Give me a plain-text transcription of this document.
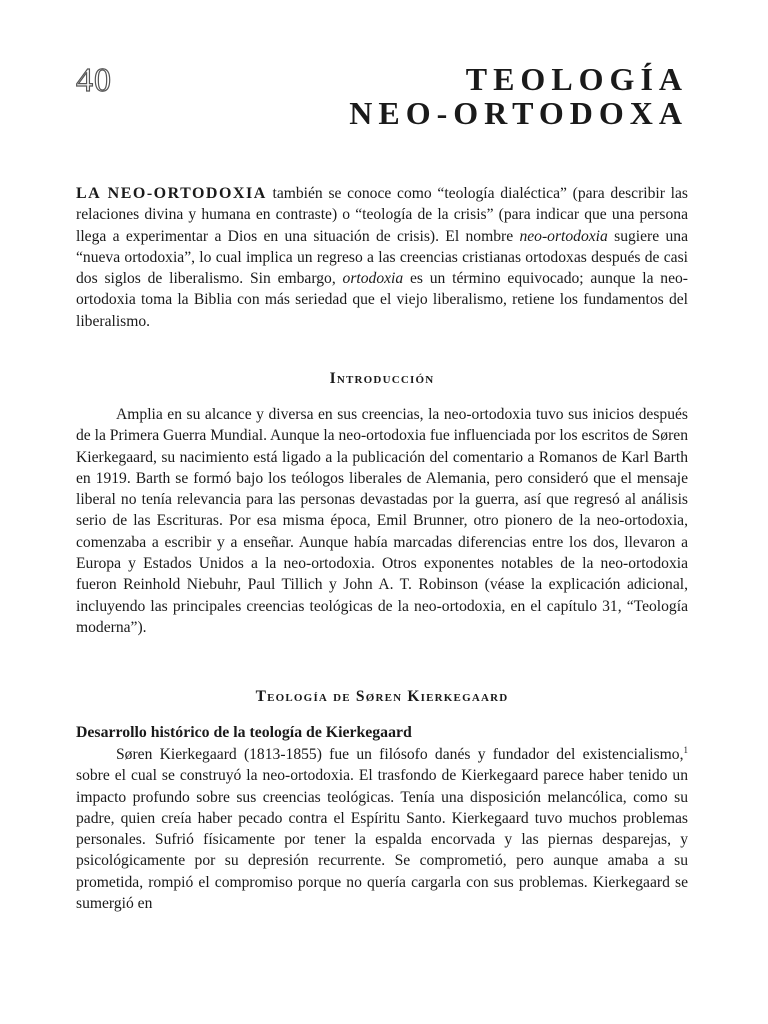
40	TEOLOGÍA
NEO-ORTODOXA

LA NEO-ORTODOXIA también se conoce como “teología dialéctica” (para describir las relaciones divina y humana en contraste) o “teología de la crisis” (para indicar que una persona llega a experimentar a Dios en una situación de crisis). El nombre neo-ortodoxia sugiere una “nueva ortodoxia”, lo cual implica un regreso a las creencias cristianas ortodoxas después de casi dos siglos de liberalismo. Sin embargo, ortodoxia es un término equivocado; aunque la neo-ortodoxia toma la Biblia con más seriedad que el viejo liberalismo, retiene los fundamentos del liberalismo.

Introducción

Amplia en su alcance y diversa en sus creencias, la neo-ortodoxia tuvo sus inicios después de la Primera Guerra Mundial. Aunque la neo-ortodoxia fue influenciada por los escritos de Søren Kierkegaard, su nacimiento está ligado a la publicación del comentario a Romanos de Karl Barth en 1919. Barth se formó bajo los teólogos liberales de Alemania, pero consideró que el mensaje liberal no tenía relevancia para las personas devastadas por la guerra, así que regresó al análisis serio de las Escrituras. Por esa misma época, Emil Brunner, otro pionero de la neo-ortodoxia, comenzaba a escribir y a enseñar. Aunque había marcadas diferencias entre los dos, llevaron a Europa y Estados Unidos a la neo-ortodoxia. Otros exponentes notables de la neo-ortodoxia fueron Reinhold Niebuhr, Paul Tillich y John A. T. Robinson (véase la explicación adicional, incluyendo las principales creencias teológicas de la neo-ortodoxia, en el capítulo 31, “Teología moderna”).

Teología de Søren Kierkegaard
Desarrollo histórico de la teología de Kierkegaard

Søren Kierkegaard (1813-1855) fue un filósofo danés y fundador del existencialismo,$^1$ sobre el cual se construyó la neo-ortodoxia. El trasfondo de Kierkegaard parece haber tenido un impacto profundo sobre sus creencias teológicas. Tenía una disposición melancólica, como su padre, quien creía haber pecado contra el Espíritu Santo. Kierkegaard tuvo muchos problemas personales. Sufrió físicamente por tener la espalda encorvada y las piernas desparejas, y psicológicamente por su depresión recurrente. Se comprometió, pero aunque amaba a su prometida, rompió el compromiso porque no quería cargarla con sus problemas. Kierkegaard se sumergió en
